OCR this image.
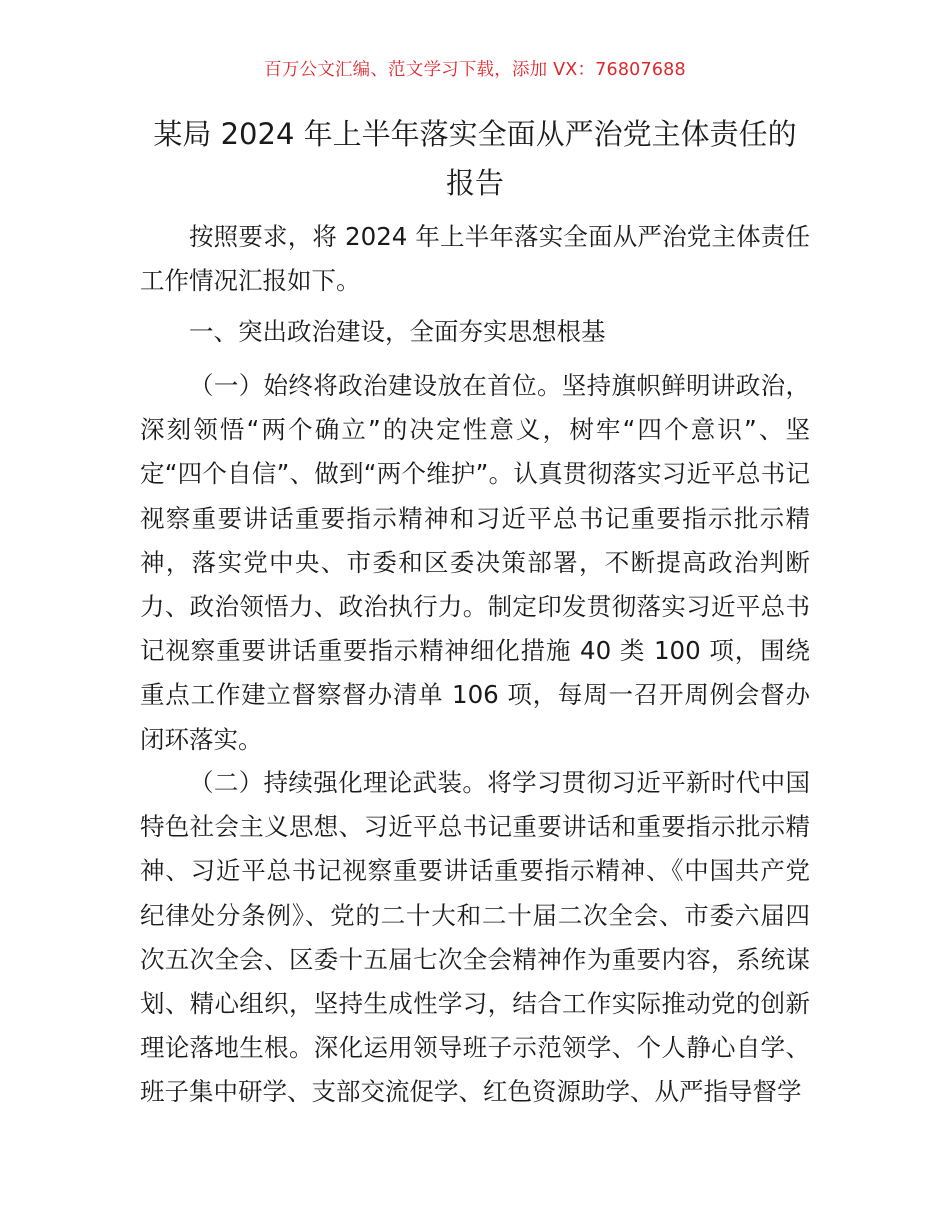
百万公文汇编、范文学习下载，添加 VX：76807688
某局 2024 年上半年落实全面从严治党主体责任的报告
按照要求，将 2024 年上半年落实全面从严治党主体责任工作情况汇报如下。
一、突出政治建设，全面夯实思想根基
（一）始终将政治建设放在首位。坚持旗帜鲜明讲政治，深刻领悟“两个确立”的决定性意义，树牢“四个意识”、坚定“四个自信”、做到“两个维护”。认真贯彻落实习近平总书记视察重要讲话重要指示精神和习近平总书记重要指示批示精神，落实党中央、市委和区委决策部署，不断提高政治判断力、政治领悟力、政治执行力。制定印发贯彻落实习近平总书记视察重要讲话重要指示精神细化措施 40 类 100 项，围绕重点工作建立督察督办清单 106 项，每周一召开周例会督办闭环落实。
（二）持续强化理论武装。将学习贯彻习近平新时代中国特色社会主义思想、习近平总书记重要讲话和重要指示批示精神、习近平总书记视察重要讲话重要指示精神、《中国共产党纪律处分条例》、党的二十大和二十届二次全会、市委六届四次五次全会、区委十五届七次全会精神作为重要内容，系统谋划、精心组织，坚持生成性学习，结合工作实际推动党的创新理论落地生根。深化运用领导班子示范领学、个人静心自学、班子集中研学、支部交流促学、红色资源助学、从严指导督学
